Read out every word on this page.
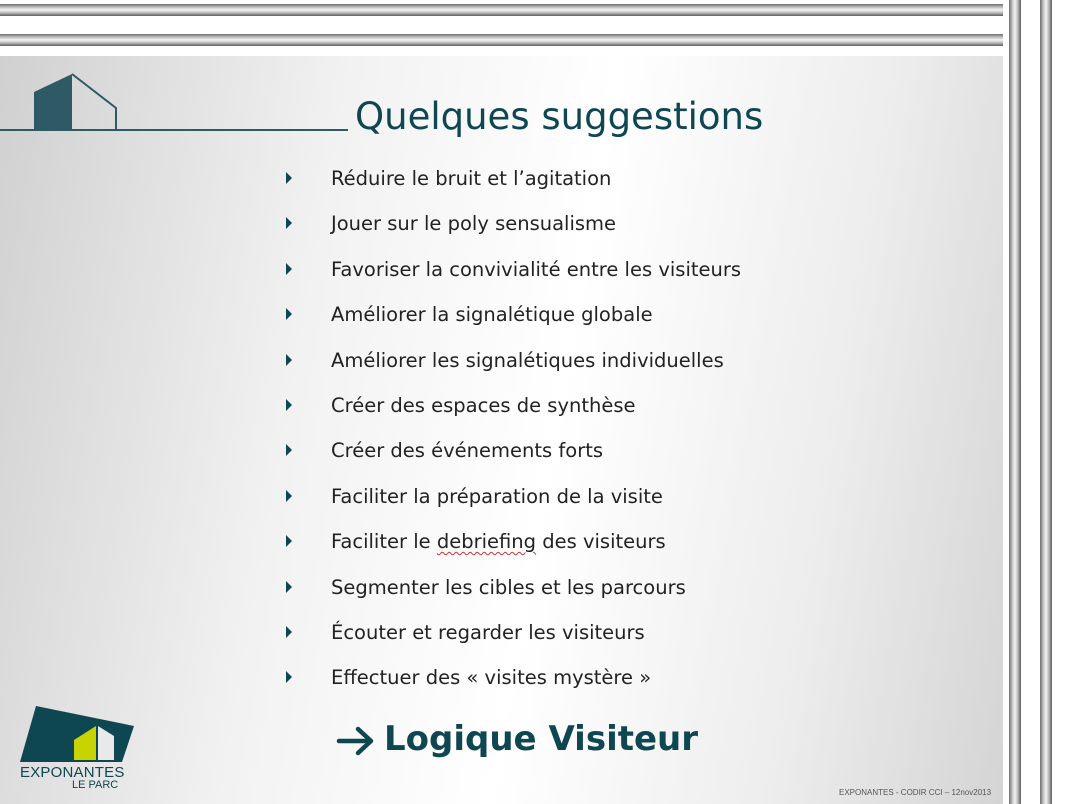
Quelques suggestions
Réduire le bruit et l’agitation
Jouer sur le poly sensualisme
Favoriser la convivialité entre les visiteurs
Améliorer la signalétique globale
Améliorer les signalétiques individuelles
Créer des espaces de synthèse
Créer des événements forts
Faciliter la préparation de la visite
Faciliter le debriefing des visiteurs
Segmenter les cibles et les parcours
Écouter et regarder les visiteurs
Effectuer des « visites mystère »
Logique Visiteur
EXPONANTES
LE PARC
EXPONANTES - CODIR CCI – 12nov2013
